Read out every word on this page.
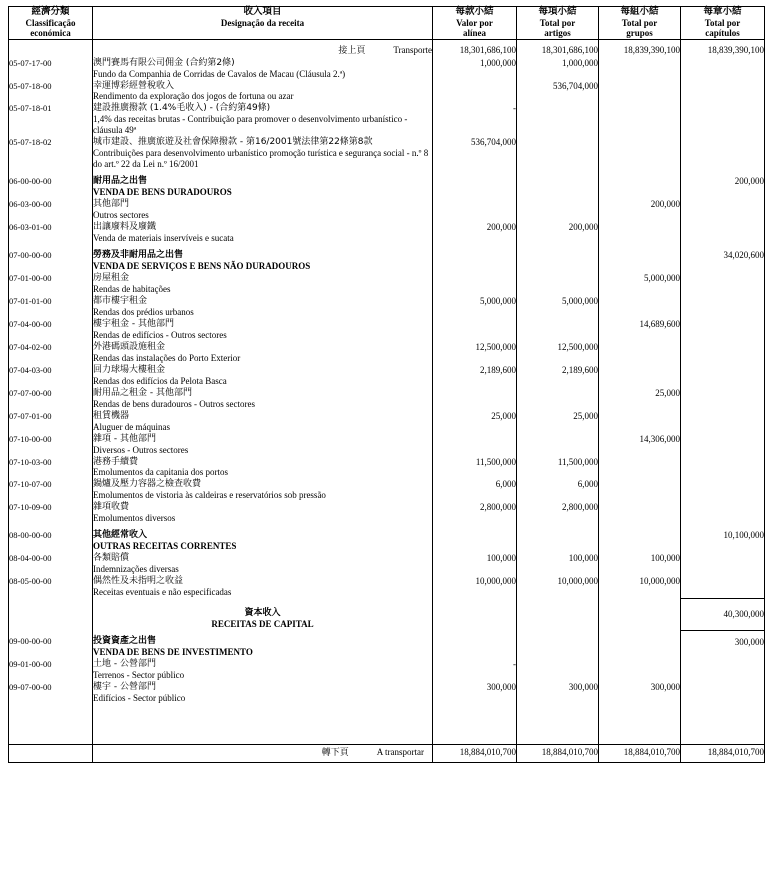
經濟分類
Classificação
económica	收入項目
Designação da receita	每款小結
Valor por
alínea	每項小結
Total por
artigos	每組小結
Total por
grupos	每章小結
Total por
capítulos

	接上頁 Transporte	18,301,686,100	18,301,686,100	18,839,390,100	18,839,390,100
05-07-17-00	澳門賽馬有限公司佣金 (合約第2條)
Fundo da Companhia de Corridas de Cavalos de Macau (Cláusula 2.ª)	1,000,000	1,000,000		
05-07-18-00	幸運博彩經營稅收入
Rendimento da exploração dos jogos de fortuna ou azar		536,704,000		
05-07-18-01	建設推廣撥款 (1.4%毛收入) - (合約第49條)
1,4% das receitas brutas - Contribuição para promover o desenvolvimento urbanístico - cláusula 49ª	-			
05-07-18-02	城市建設、推廣旅遊及社會保障撥款 - 第16/2001號法律第22條第8款
Contribuições para desenvolvimento urbanístico promoção turística e segurança social - n.º 8 do art.º 22 da Lei n.º 16/2001	536,704,000			
06-00-00-00	耐用品之出售
VENDA DE BENS DURADOUROS				200,000
06-03-00-00	其他部門
Outros sectores			200,000	
06-03-01-00	出讓廢料及廢鐵
Venda de materiais inservíveis e sucata	200,000	200,000		
07-00-00-00	勞務及非耐用品之出售
VENDA DE SERVIÇOS E BENS NÃO DURADOUROS				34,020,600
07-01-00-00	房屋租金
Rendas de habitações			5,000,000	
07-01-01-00	都市樓宇租金
Rendas dos prédios urbanos	5,000,000	5,000,000		
07-04-00-00	樓宇租金 - 其他部門
Rendas de edifícios - Outros sectores			14,689,600	
07-04-02-00	外港碼頭設施租金
Rendas das instalações do Porto Exterior	12,500,000	12,500,000		
07-04-03-00	回力球場大樓租金
Rendas dos edifícios da Pelota Basca	2,189,600	2,189,600		
07-07-00-00	耐用品之租金 - 其他部門
Rendas de bens duradouros - Outros sectores			25,000	
07-07-01-00	租賃機器
Aluguer de máquinas	25,000	25,000		
07-10-00-00	雜項 - 其他部門
Diversos - Outros sectores			14,306,000	
07-10-03-00	港務手續費
Emolumentos da capitania dos portos	11,500,000	11,500,000		
07-10-07-00	鍋爐及壓力容器之檢查收費
Emolumentos de vistoria às caldeiras e reservatórios sob pressão	6,000	6,000		
07-10-09-00	雜項收費
Emolumentos diversos	2,800,000	2,800,000		
08-00-00-00	其他經常收入
OUTRAS RECEITAS CORRENTES				10,100,000
08-04-00-00	各類賠償
Indemnizações diversas	100,000	100,000	100,000	
08-05-00-00	偶然性及未指明之收益
Receitas eventuais e não especificadas	10,000,000	10,000,000	10,000,000	

	資本收入
RECEITAS DE CAPITAL				40,300,000
09-00-00-00	投資資產之出售
VENDA DE BENS DE INVESTIMENTO				300,000
09-01-00-00	土地 - 公營部門
Terrenos - Sector público	-			
09-07-00-00	樓宇 - 公營部門
Edifícios - Sector público	300,000	300,000	300,000	

	轉下頁 A transportar	18,884,010,700	18,884,010,700	18,884,010,700	18,884,010,700
